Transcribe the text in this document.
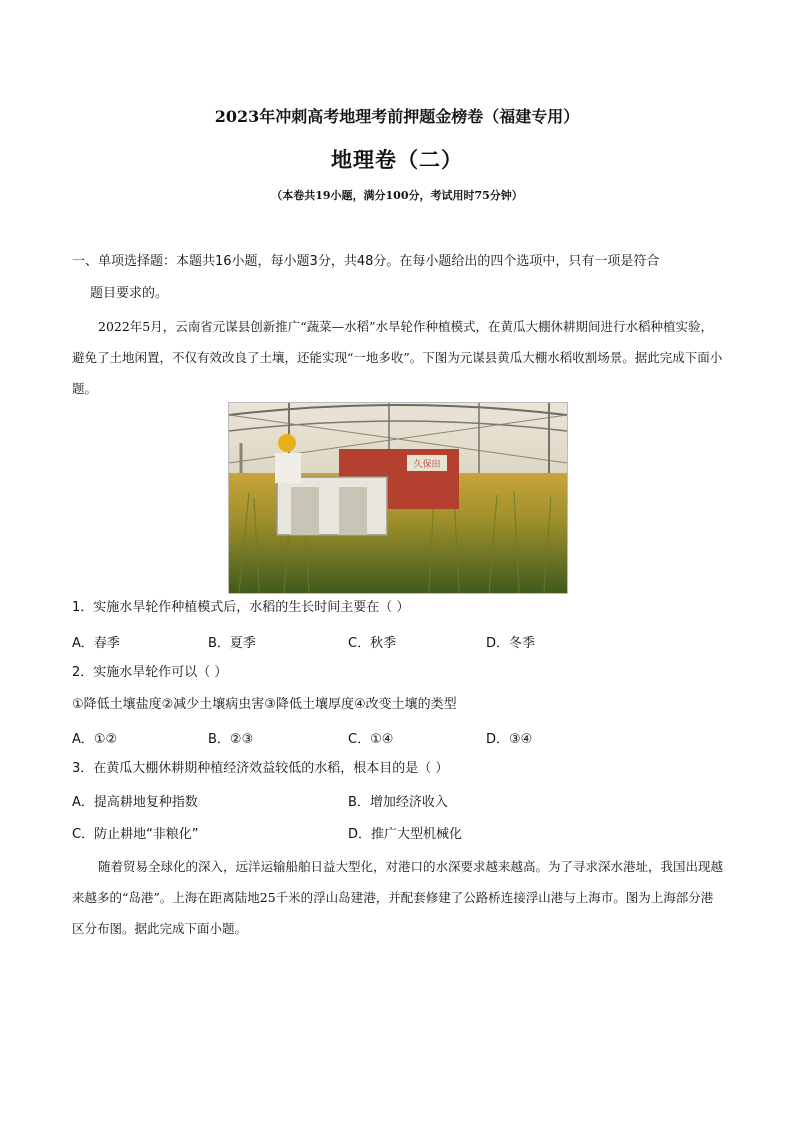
2023年冲刺高考地理考前押题金榜卷（福建专用）
地理卷（二）
（本卷共19小题，满分100分，考试用时75分钟）
一、单项选择题：本题共16小题，每小题3分，共48分。在每小题给出的四个选项中，只有一项是符合
题目要求的。
2022年5月，云南省元谋县创新推广“蔬菜—水稻”水旱轮作种植模式，在黄瓜大棚休耕期间进行水稻种植实验，避免了土地闲置，不仅有效改良了土壤，还能实现“一地多收”。下图为元谋县黄瓜大棚水稻收割场景。据此完成下面小题。
久保田
1．实施水旱轮作种植模式后，水稻的生长时间主要在（ ）
A．春季	B．夏季	C．秋季	D．冬季
2．实施水旱轮作可以（ ）
①降低土壤盐度②减少土壤病虫害③降低土壤厚度④改变土壤的类型
A．①②	B．②③	C．①④	D．③④
3．在黄瓜大棚休耕期种植经济效益较低的水稻，根本目的是（ ）
A．提高耕地复种指数	B．增加经济收入
C．防止耕地“非粮化”	D．推广大型机械化
随着贸易全球化的深入，远洋运输船舶日益大型化，对港口的水深要求越来越高。为了寻求深水港址，我国出现越来越多的“岛港”。上海在距离陆地25千米的浮山岛建港，并配套修建了公路桥连接浮山港与上海市。图为上海部分港区分布图。据此完成下面小题。
